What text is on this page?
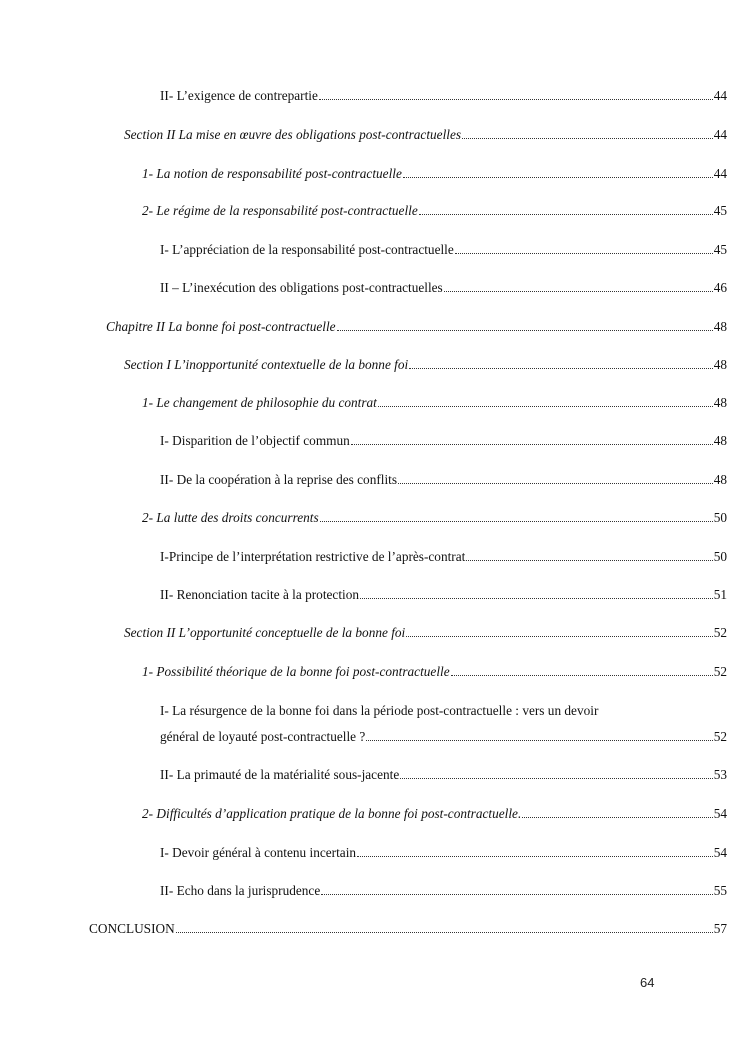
II- L’exigence de contrepartie	44
Section II La mise en œuvre des obligations post-contractuelles	44
1- La notion de responsabilité post-contractuelle	44
2- Le régime de la responsabilité post-contractuelle	45
I- L’appréciation de la responsabilité post-contractuelle	45
II – L’inexécution des obligations post-contractuelles	46
Chapitre II La bonne foi post-contractuelle	48
Section I L’inopportunité contextuelle de la bonne foi	48
1- Le changement de philosophie du contrat	48
I- Disparition de l’objectif commun	48
II- De la coopération à la reprise des conflits	48
2- La lutte des droits concurrents	50
I-Principe de l’interprétation restrictive de l’après-contrat	50
II- Renonciation tacite à la protection	51
Section II L’opportunité conceptuelle de la bonne foi	52
1- Possibilité théorique de la bonne foi post-contractuelle	52
I- La résurgence de la bonne foi dans la période post-contractuelle : vers un devoir
général de loyauté post-contractuelle ?	52
II- La primauté de la matérialité sous-jacente	53
2- Difficultés d’application pratique de la bonne foi post-contractuelle.	54
I- Devoir général à contenu incertain	54
II- Echo dans la jurisprudence	55
CONCLUSION	57
64
